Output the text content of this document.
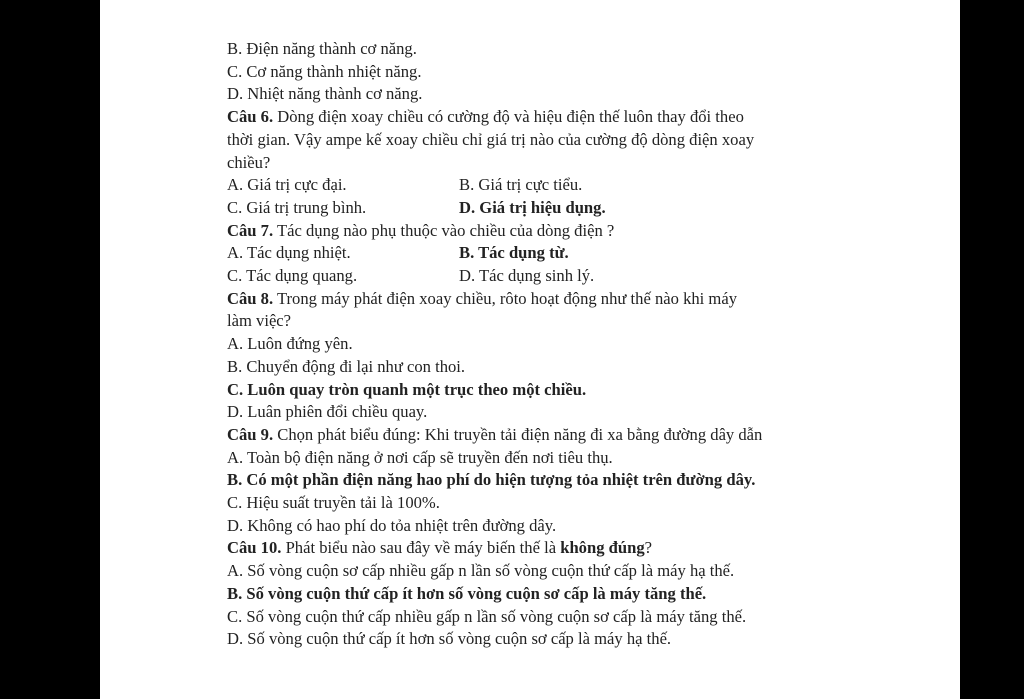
B. Điện năng thành cơ năng.
C. Cơ năng thành nhiệt năng.
D. Nhiệt năng thành cơ năng.
Câu 6. Dòng điện xoay chiều có cường độ và hiệu điện thế luôn thay đổi theo
thời gian. Vậy ampe kế xoay chiều chỉ giá trị nào của cường độ dòng điện xoay
chiều?
A. Giá trị cực đại.	B. Giá trị cực tiểu.
C. Giá trị trung bình.	D. Giá trị hiệu dụng.
Câu 7. Tác dụng nào phụ thuộc vào chiều của dòng điện ?
A. Tác dụng nhiệt.	B. Tác dụng từ.
C. Tác dụng quang.	D. Tác dụng sinh lý.
Câu 8. Trong máy phát điện xoay chiều, rôto hoạt động như thế nào khi máy
làm việc?
A. Luôn đứng yên.
B. Chuyển động đi lại như con thoi.
C. Luôn quay tròn quanh một trục theo một chiều.
D. Luân phiên đổi chiều quay.
Câu 9. Chọn phát biểu đúng: Khi truyền tải điện năng đi xa bằng đường dây dẫn
A. Toàn bộ điện năng ở nơi cấp sẽ truyền đến nơi tiêu thụ.
B. Có một phần điện năng hao phí do hiện tượng tỏa nhiệt trên đường dây.
C. Hiệu suất truyền tải là 100%.
D. Không có hao phí do tỏa nhiệt trên đường dây.
Câu 10. Phát biểu nào sau đây về máy biến thế là không đúng?
A. Số vòng cuộn sơ cấp nhiều gấp n lần số vòng cuộn thứ cấp là máy hạ thế.
B. Số vòng cuộn thứ cấp ít hơn số vòng cuộn sơ cấp là máy tăng thế.
C. Số vòng cuộn thứ cấp nhiều gấp n lần số vòng cuộn sơ cấp là máy tăng thế.
D. Số vòng cuộn thứ cấp ít hơn số vòng cuộn sơ cấp là máy hạ thế.
